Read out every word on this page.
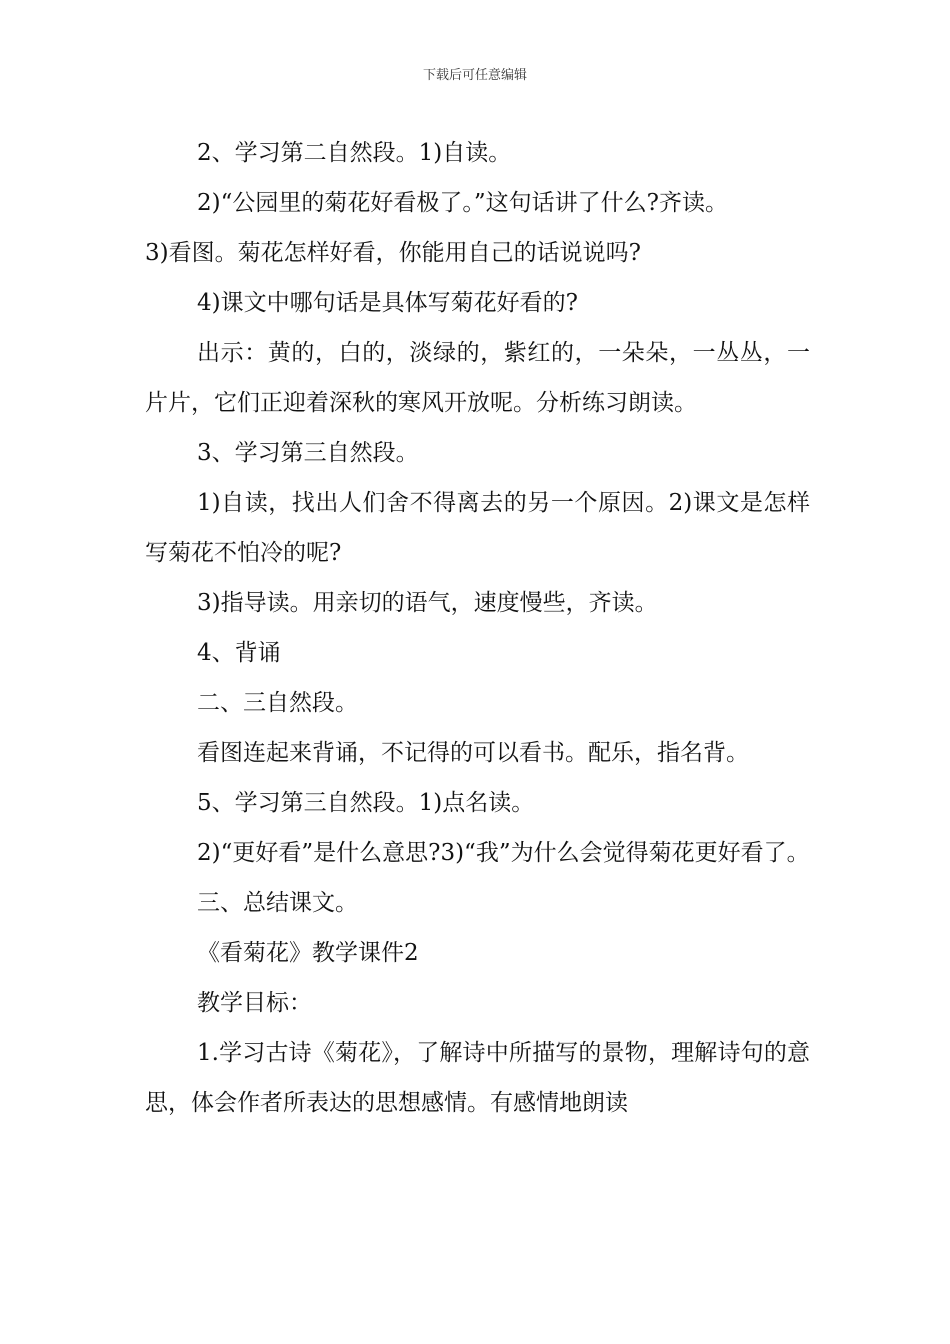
下载后可任意编辑

2、学习第二自然段。1)自读。

2)“公园里的菊花好看极了。”这句话讲了什么?齐读。

3)看图。菊花怎样好看，你能用自己的话说说吗?

4)课文中哪句话是具体写菊花好看的?

出示：黄的，白的，淡绿的，紫红的，一朵朵，一丛丛，一片片，它们正迎着深秋的寒风开放呢。分析练习朗读。

3、学习第三自然段。

1)自读，找出人们舍不得离去的另一个原因。2)课文是怎样写菊花不怕冷的呢?

3)指导读。用亲切的语气，速度慢些，齐读。

4、背诵

二、三自然段。

看图连起来背诵，不记得的可以看书。配乐，指名背。

5、学习第三自然段。1)点名读。

2)“更好看”是什么意思?3)“我”为什么会觉得菊花更好看了。

三、总结课文。

《看菊花》教学课件2

教学目标：

1.学习古诗《菊花》，了解诗中所描写的景物，理解诗句的意思，体会作者所表达的思想感情。有感情地朗读
